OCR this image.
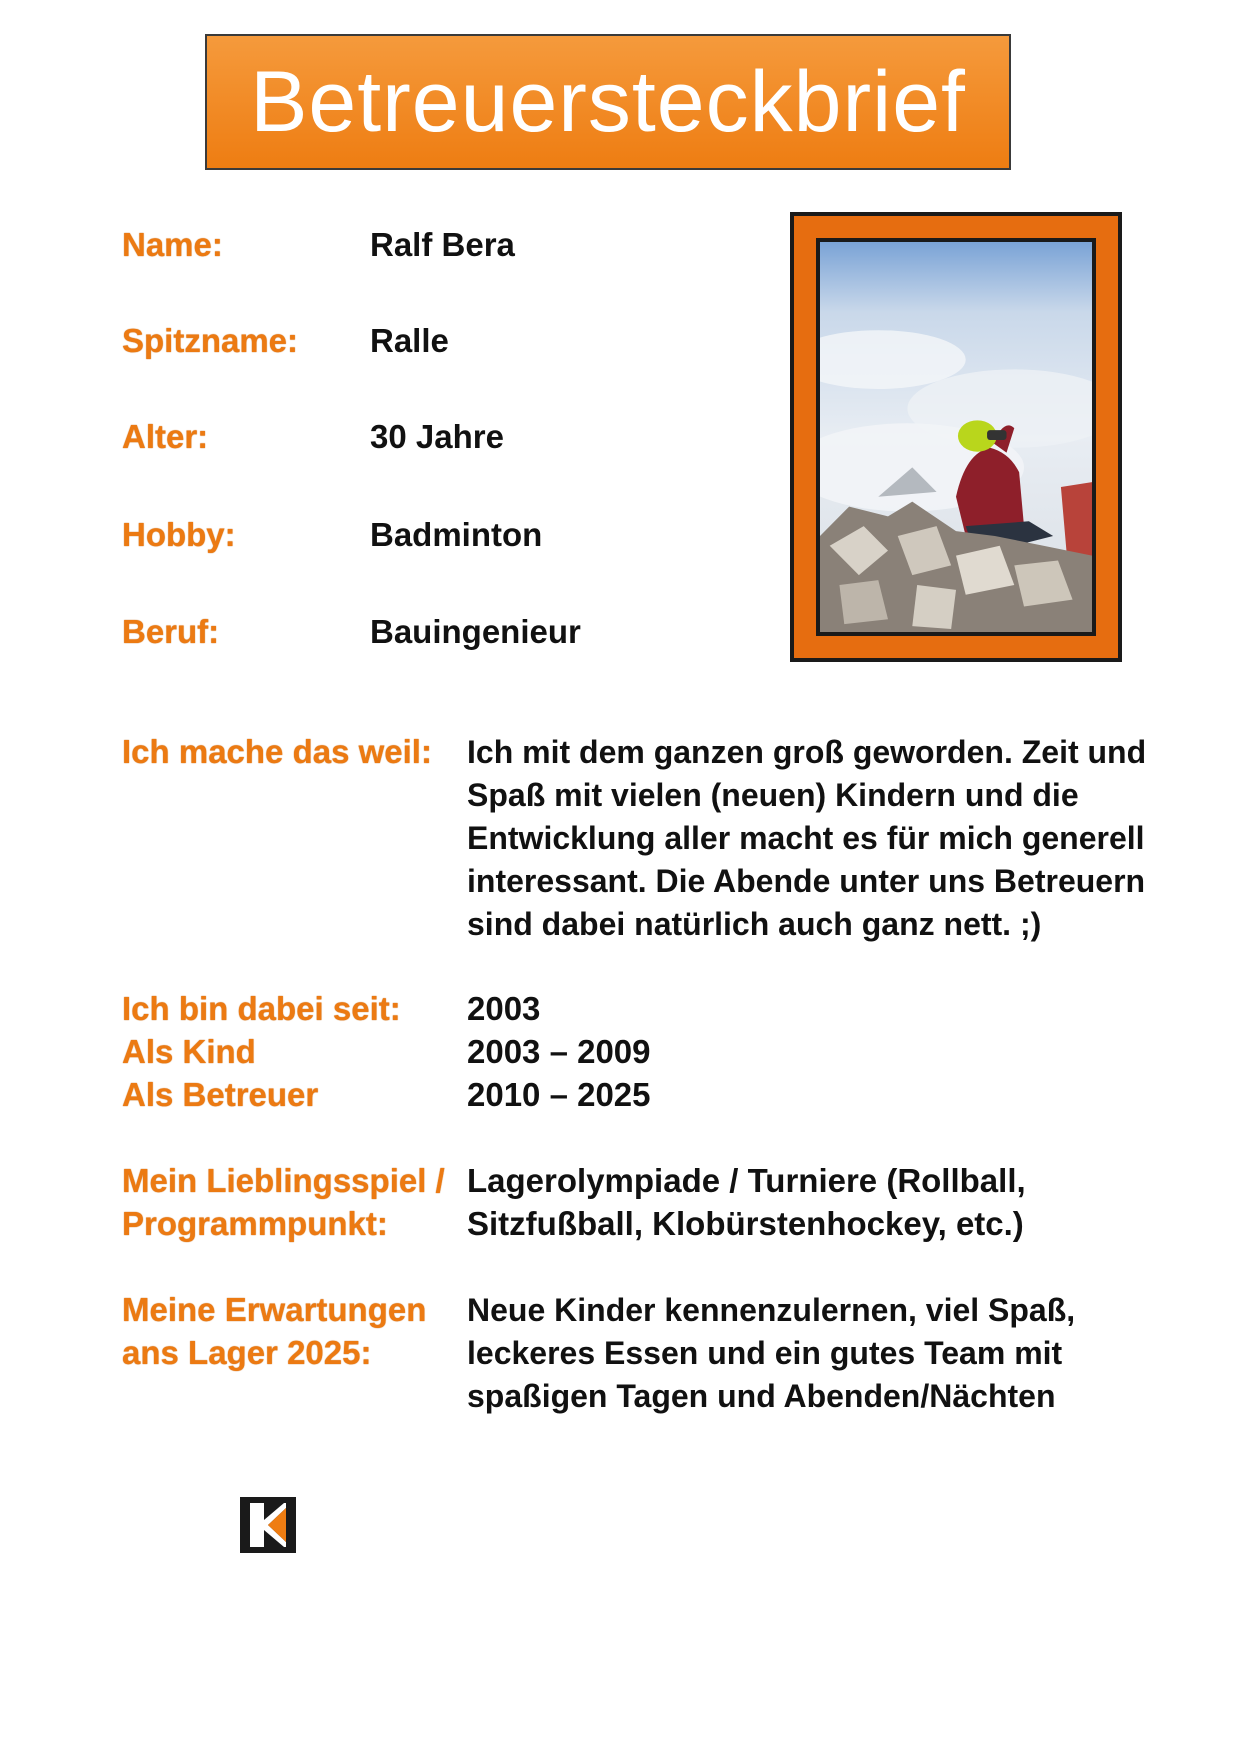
Betreuersteckbrief
Name:	Ralf Bera
Spitzname: Ralle
Alter:	30 Jahre
Hobby:	Badminton
Beruf:	Bauingenieur
Ich mache das weil: Ich mit dem ganzen groß geworden. Zeit und
Spaß mit vielen (neuen) Kindern und die
Entwicklung aller macht es für mich generell
interessant. Die Abende unter uns Betreuern
sind dabei natürlich auch ganz nett. ;)
Ich bin dabei seit: 2003
Als Kind	2003 – 2009
Als Betreuer	2010 – 2025
Mein Lieblingsspiel /
Programmpunkt:
Lagerolympiade / Turniere (Rollball,
Sitzfußball, Klobürstenhockey, etc.)
Meine Erwartungen
ans Lager 2025:
Neue Kinder kennenzulernen, viel Spaß,
leckeres Essen und ein gutes Team mit
spaßigen Tagen und Abenden/Nächten
